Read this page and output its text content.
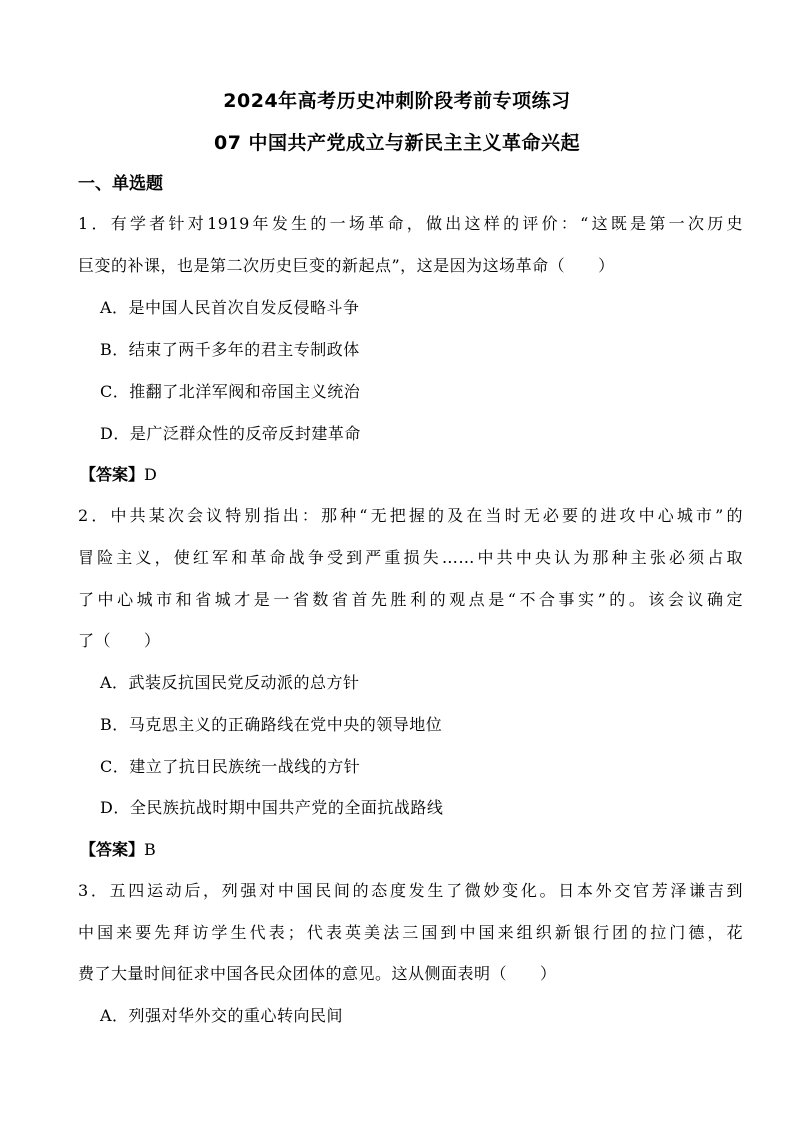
2024年高考历史冲刺阶段考前专项练习
07 中国共产党成立与新民主主义革命兴起
一、单选题
1．有学者针对1919年发生的一场革命，做出这样的评价：“这既是第一次历史
巨变的补课，也是第二次历史巨变的新起点”，这是因为这场革命（　　）
A．是中国人民首次自发反侵略斗争
B．结束了两千多年的君主专制政体
C．推翻了北洋军阀和帝国主义统治
D．是广泛群众性的反帝反封建革命
【答案】D
2．中共某次会议特别指出：那种“无把握的及在当时无必要的进攻中心城市”的
冒险主义，使红军和革命战争受到严重损失……中共中央认为那种主张必须占取
了中心城市和省城才是一省数省首先胜利的观点是“不合事实”的。该会议确定
了（　　）
A．武装反抗国民党反动派的总方针
B．马克思主义的正确路线在党中央的领导地位
C．建立了抗日民族统一战线的方针
D．全民族抗战时期中国共产党的全面抗战路线
【答案】B
3．五四运动后，列强对中国民间的态度发生了微妙变化。日本外交官芳泽谦吉到
中国来要先拜访学生代表；代表英美法三国到中国来组织新银行团的拉门德，花
费了大量时间征求中国各民众团体的意见。这从侧面表明（　　）
A．列强对华外交的重心转向民间
